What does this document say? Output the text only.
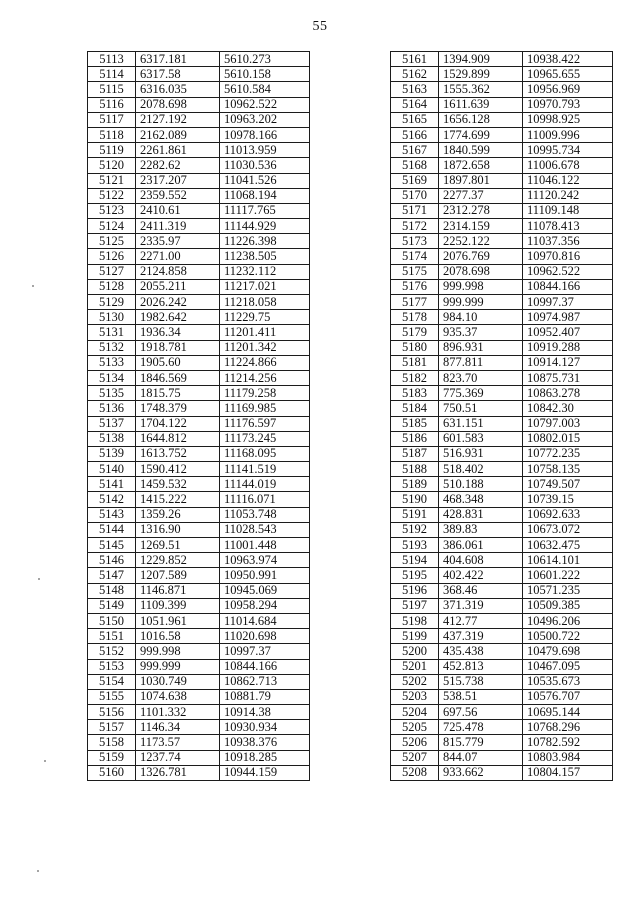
55
5113	6317.181	5610.273
5114	6317.58	5610.158
5115	6316.035	5610.584
5116	2078.698	10962.522
5117	2127.192	10963.202
5118	2162.089	10978.166
5119	2261.861	11013.959
5120	2282.62	11030.536
5121	2317.207	11041.526
5122	2359.552	11068.194
5123	2410.61	11117.765
5124	2411.319	11144.929
5125	2335.97	11226.398
5126	2271.00	11238.505
5127	2124.858	11232.112
5128	2055.211	11217.021
5129	2026.242	11218.058
5130	1982.642	11229.75
5131	1936.34	11201.411
5132	1918.781	11201.342
5133	1905.60	11224.866
5134	1846.569	11214.256
5135	1815.75	11179.258
5136	1748.379	11169.985
5137	1704.122	11176.597
5138	1644.812	11173.245
5139	1613.752	11168.095
5140	1590.412	11141.519
5141	1459.532	11144.019
5142	1415.222	11116.071
5143	1359.26	11053.748
5144	1316.90	11028.543
5145	1269.51	11001.448
5146	1229.852	10963.974
5147	1207.589	10950.991
5148	1146.871	10945.069
5149	1109.399	10958.294
5150	1051.961	11014.684
5151	1016.58	11020.698
5152	999.998	10997.37
5153	999.999	10844.166
5154	1030.749	10862.713
5155	1074.638	10881.79
5156	1101.332	10914.38
5157	1146.34	10930.934
5158	1173.57	10938.376
5159	1237.74	10918.285
5160	1326.781	10944.159
5161	1394.909	10938.422
5162	1529.899	10965.655
5163	1555.362	10956.969
5164	1611.639	10970.793
5165	1656.128	10998.925
5166	1774.699	11009.996
5167	1840.599	10995.734
5168	1872.658	11006.678
5169	1897.801	11046.122
5170	2277.37	11120.242
5171	2312.278	11109.148
5172	2314.159	11078.413
5173	2252.122	11037.356
5174	2076.769	10970.816
5175	2078.698	10962.522
5176	999.998	10844.166
5177	999.999	10997.37
5178	984.10	10974.987
5179	935.37	10952.407
5180	896.931	10919.288
5181	877.811	10914.127
5182	823.70	10875.731
5183	775.369	10863.278
5184	750.51	10842.30
5185	631.151	10797.003
5186	601.583	10802.015
5187	516.931	10772.235
5188	518.402	10758.135
5189	510.188	10749.507
5190	468.348	10739.15
5191	428.831	10692.633
5192	389.83	10673.072
5193	386.061	10632.475
5194	404.608	10614.101
5195	402.422	10601.222
5196	368.46	10571.235
5197	371.319	10509.385
5198	412.77	10496.206
5199	437.319	10500.722
5200	435.438	10479.698
5201	452.813	10467.095
5202	515.738	10535.673
5203	538.51	10576.707
5204	697.56	10695.144
5205	725.478	10768.296
5206	815.779	10782.592
5207	844.07	10803.984
5208	933.662	10804.157
